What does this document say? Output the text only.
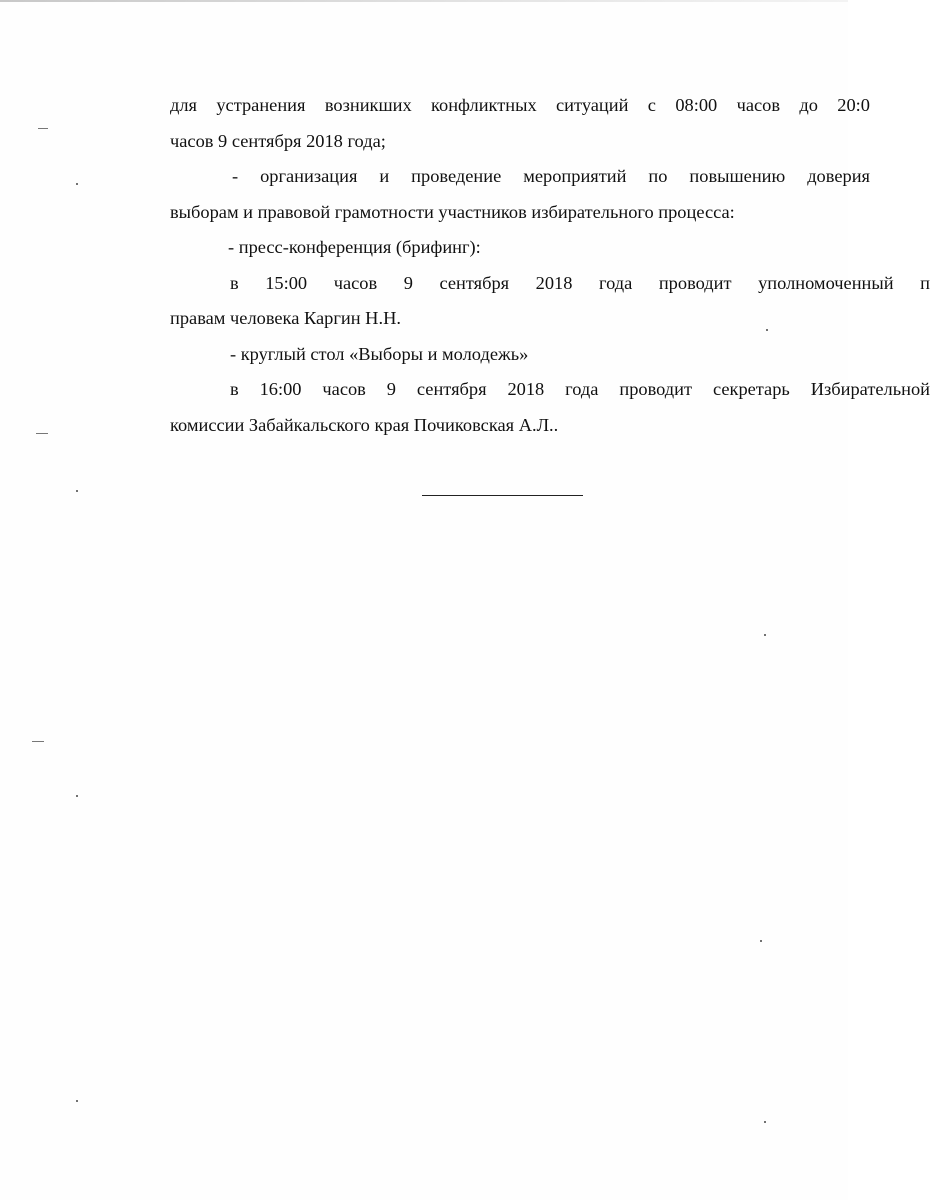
для устранения возникших конфликтных ситуаций с 08:00 часов до 20:0
часов 9 сентября 2018 года;
- организация и проведение мероприятий по повышению доверия
выборам и правовой грамотности участников избирательного процесса:
- пресс-конференция (брифинг):
в 15:00 часов 9 сентября 2018 года проводит уполномоченный п
правам человека Каргин Н.Н.
- круглый стол «Выборы и молодежь»
в 16:00 часов 9 сентября 2018 года проводит секретарь Избирательной
комиссии Забайкальского края Почиковская А.Л..
